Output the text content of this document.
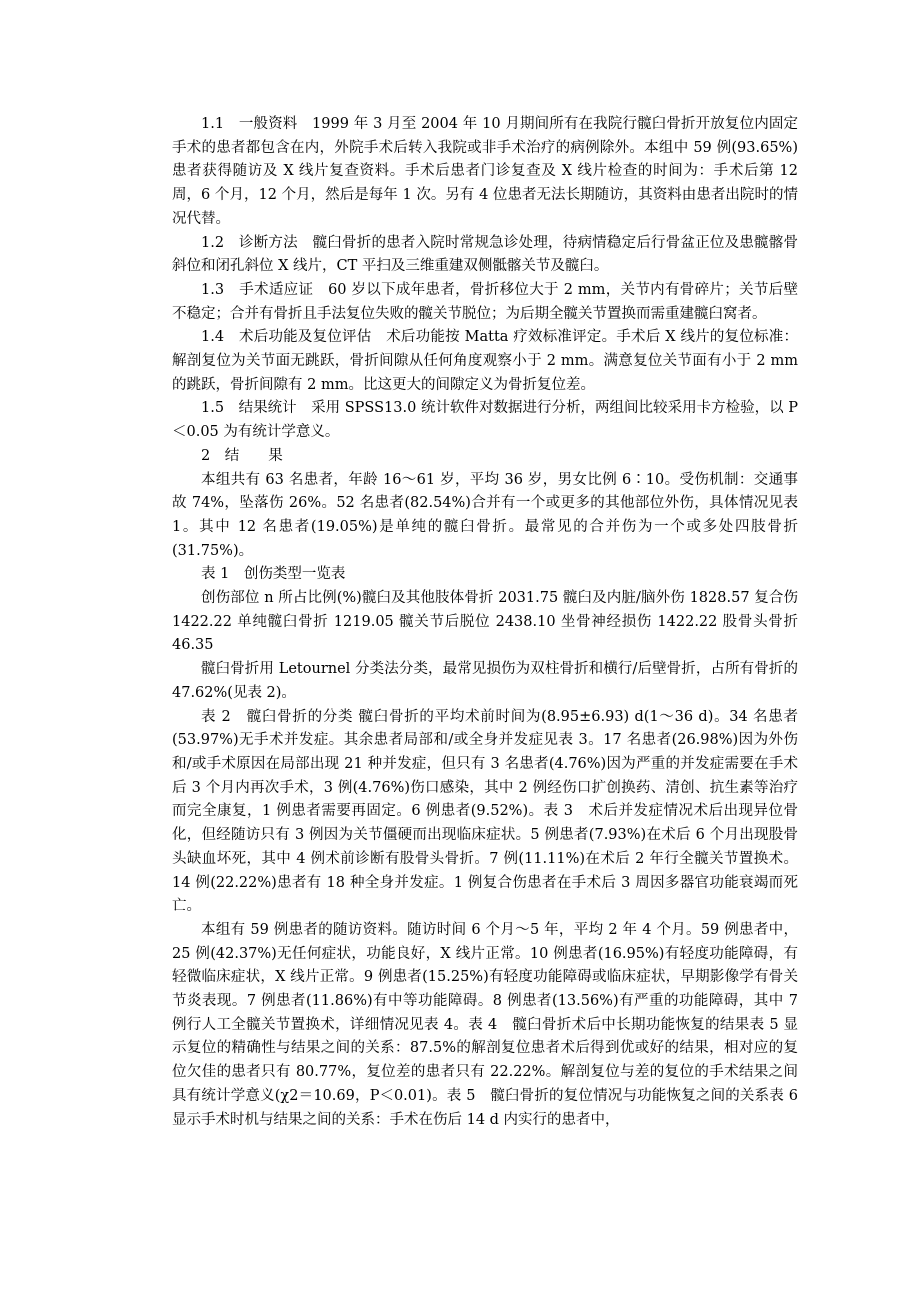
1.1　一般资料　1999 年 3 月至 2004 年 10 月期间所有在我院行髋臼骨折开放复位内固定手术的患者都包含在内，外院手术后转入我院或非手术治疗的病例除外。本组中 59 例(93.65%)患者获得随访及 X 线片复查资料。手术后患者门诊复查及 X 线片检查的时间为：手术后第 12 周，6 个月，12 个月，然后是每年 1 次。另有 4 位患者无法长期随访，其资料由患者出院时的情况代替。

1.2　诊断方法　髋臼骨折的患者入院时常规急诊处理，待病情稳定后行骨盆正位及患髋髂骨斜位和闭孔斜位 X 线片，CT 平扫及三维重建双侧骶髂关节及髋臼。

1.3　手术适应证　60 岁以下成年患者，骨折移位大于 2 mm，关节内有骨碎片；关节后壁不稳定；合并有骨折且手法复位失败的髋关节脱位；为后期全髋关节置换而需重建髋臼窝者。

1.4　术后功能及复位评估　术后功能按 Matta 疗效标准评定。手术后 X 线片的复位标准：解剖复位为关节面无跳跃，骨折间隙从任何角度观察小于 2 mm。满意复位关节面有小于 2 mm 的跳跃，骨折间隙有 2 mm。比这更大的间隙定义为骨折复位差。

1.5　结果统计　采用 SPSS13.0 统计软件对数据进行分析，两组间比较采用卡方检验，以 P＜0.05 为有统计学意义。

2　结　　果

本组共有 63 名患者，年龄 16～61 岁，平均 36 岁，男女比例 6∶10。受伤机制：交通事故 74%，坠落伤 26%。52 名患者(82.54%)合并有一个或更多的其他部位外伤，具体情况见表 1。其中 12 名患者(19.05%)是单纯的髋臼骨折。最常见的合并伤为一个或多处四肢骨折(31.75%)。

表 1　创伤类型一览表

创伤部位 n 所占比例(%)髋臼及其他肢体骨折 2031.75 髋臼及内脏/脑外伤 1828.57 复合伤 1422.22 单纯髋臼骨折 1219.05 髋关节后脱位 2438.10 坐骨神经损伤 1422.22 股骨头骨折 46.35

髋臼骨折用 Letournel 分类法分类，最常见损伤为双柱骨折和横行/后壁骨折，占所有骨折的 47.62%(见表 2)。

表 2　髋臼骨折的分类 髋臼骨折的平均术前时间为(8.95±6.93) d(1～36 d)。34 名患者(53.97%)无手术并发症。其余患者局部和/或全身并发症见表 3。17 名患者(26.98%)因为外伤和/或手术原因在局部出现 21 种并发症，但只有 3 名患者(4.76%)因为严重的并发症需要在手术后 3 个月内再次手术，3 例(4.76%)伤口感染，其中 2 例经伤口扩创换药、清创、抗生素等治疗而完全康复，1 例患者需要再固定。6 例患者(9.52%)。表 3　术后并发症情况术后出现异位骨化，但经随访只有 3 例因为关节僵硬而出现临床症状。5 例患者(7.93%)在术后 6 个月出现股骨头缺血坏死，其中 4 例术前诊断有股骨头骨折。7 例(11.11%)在术后 2 年行全髋关节置换术。14 例(22.22%)患者有 18 种全身并发症。1 例复合伤患者在手术后 3 周因多器官功能衰竭而死亡。

本组有 59 例患者的随访资料。随访时间 6 个月～5 年，平均 2 年 4 个月。59 例患者中，25 例(42.37%)无任何症状，功能良好，X 线片正常。10 例患者(16.95%)有轻度功能障碍，有轻微临床症状，X 线片正常。9 例患者(15.25%)有轻度功能障碍或临床症状，早期影像学有骨关节炎表现。7 例患者(11.86%)有中等功能障碍。8 例患者(13.56%)有严重的功能障碍，其中 7 例行人工全髋关节置换术，详细情况见表 4。表 4　髋臼骨折术后中长期功能恢复的结果表 5 显示复位的精确性与结果之间的关系：87.5%的解剖复位患者术后得到优或好的结果，相对应的复位欠佳的患者只有 80.77%，复位差的患者只有 22.22%。解剖复位与差的复位的手术结果之间具有统计学意义(χ2＝10.69，P＜0.01)。表 5　髋臼骨折的复位情况与功能恢复之间的关系表 6 显示手术时机与结果之间的关系：手术在伤后 14 d 内实行的患者中，
